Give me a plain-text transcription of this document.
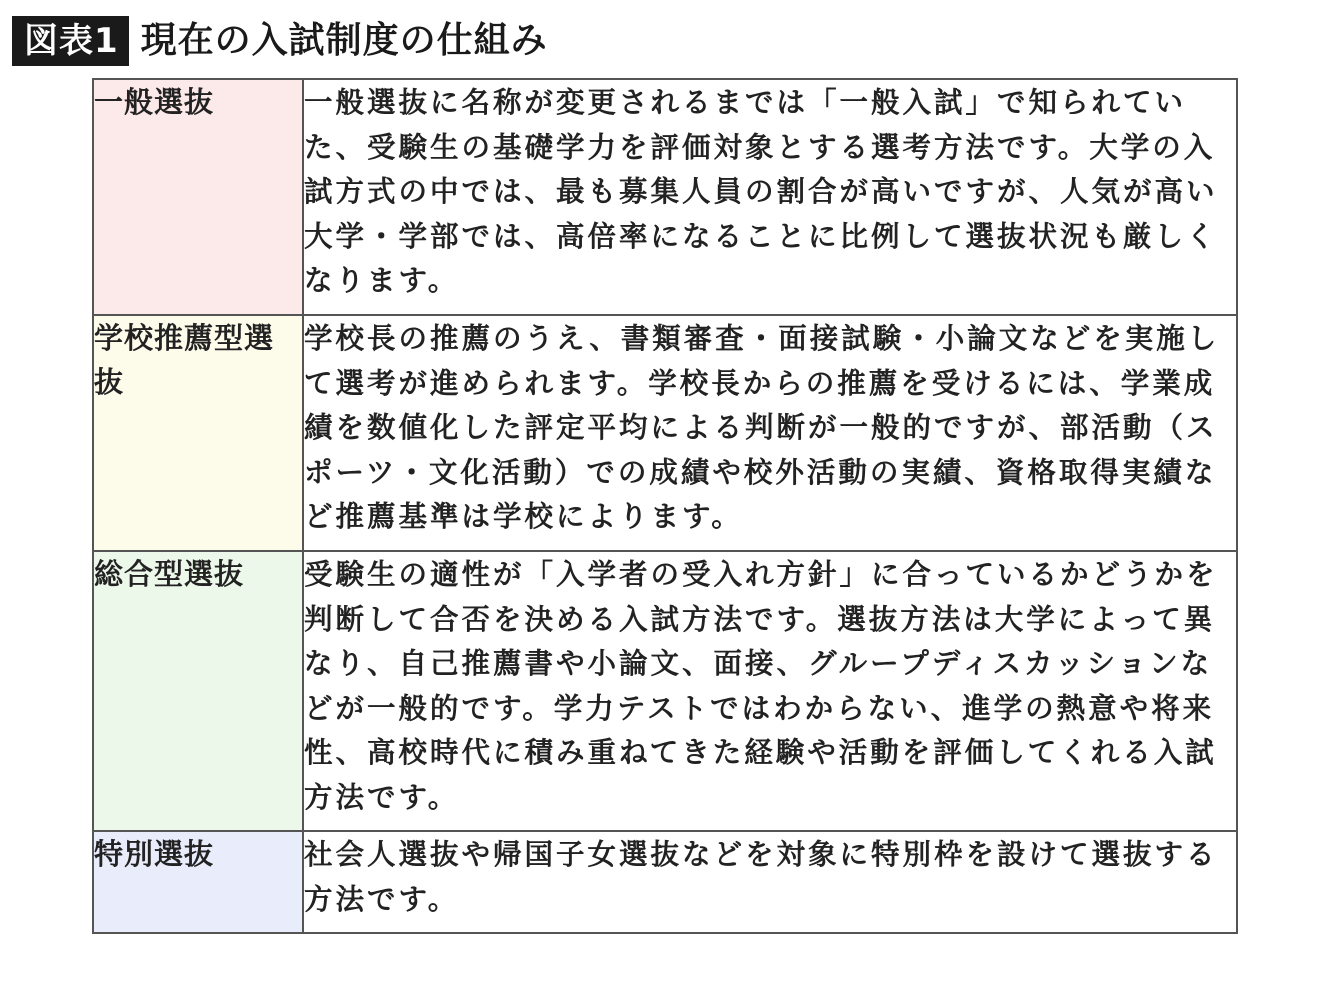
図表1 現在の入試制度の仕組み
一般選抜	一般選抜に名称が変更されるまでは「一般入試」で知られていた、受験生の基礎学力を評価対象とする選考方法です。大学の入試方式の中では、最も募集人員の割合が高いですが、人気が高い大学・学部では、高倍率になることに比例して選抜状況も厳しくなります。
学校推薦型選抜	学校長の推薦のうえ、書類審査・面接試験・小論文などを実施して選考が進められます。学校長からの推薦を受けるには、学業成績を数値化した評定平均による判断が一般的ですが、部活動（スポーツ・文化活動）での成績や校外活動の実績、資格取得実績など推薦基準は学校によります。
総合型選抜	受験生の適性が「入学者の受入れ方針」に合っているかどうかを判断して合否を決める入試方法です。選抜方法は大学によって異なり、自己推薦書や小論文、面接、グループディスカッションなどが一般的です。学力テストではわからない、進学の熱意や将来性、高校時代に積み重ねてきた経験や活動を評価してくれる入試方法です。
特別選抜	社会人選抜や帰国子女選抜などを対象に特別枠を設けて選抜する方法です。
